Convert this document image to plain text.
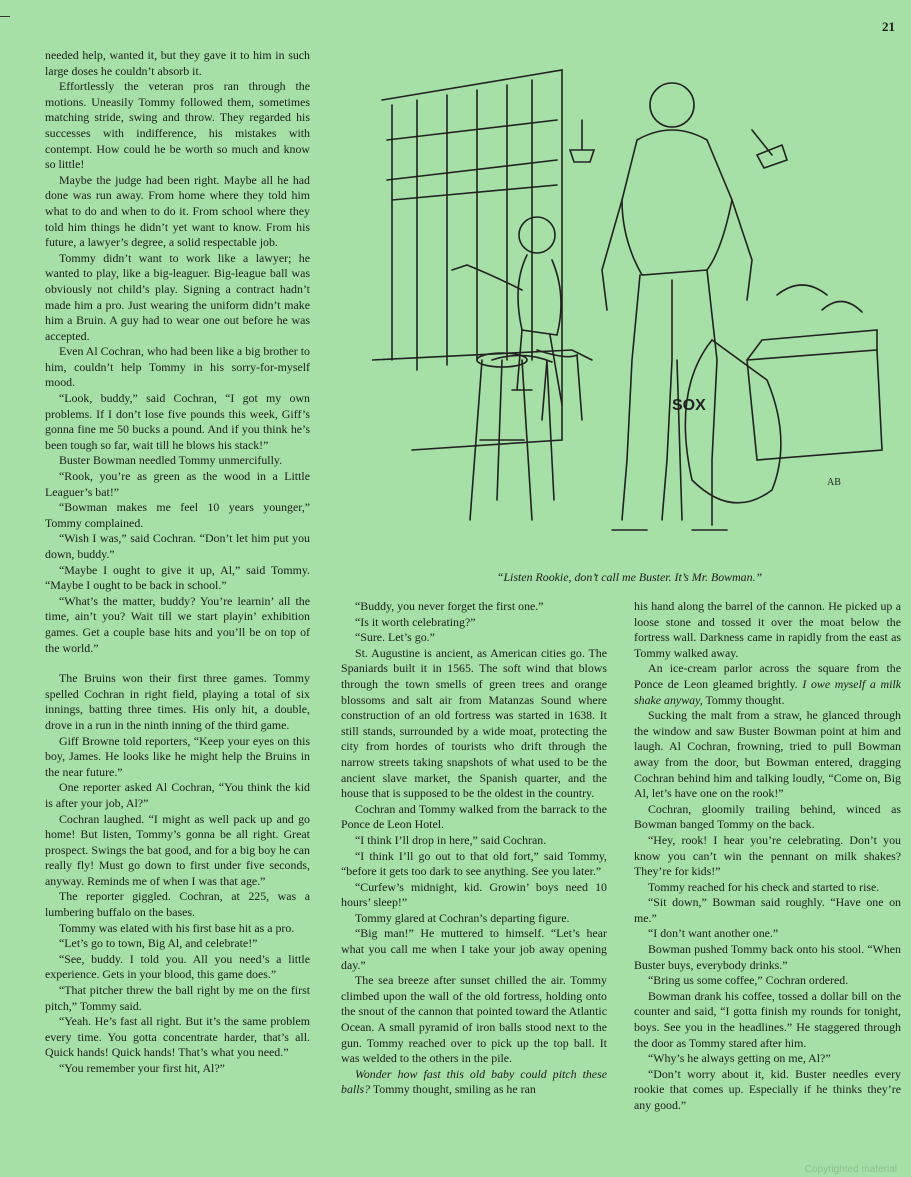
21

needed help, wanted it, but they gave it to him in such large doses he couldn’t absorb it.

Effortlessly the veteran pros ran through the motions. Uneasily Tommy followed them, sometimes matching stride, swing and throw. They regarded his successes with indifference, his mistakes with contempt. How could he be worth so much and know so little!

Maybe the judge had been right. Maybe all he had done was run away. From home where they told him what to do and when to do it. From school where they told him things he didn’t yet want to know. From his future, a lawyer’s degree, a solid respectable job.

Tommy didn’t want to work like a lawyer; he wanted to play, like a big-leaguer. Big-league ball was obviously not child’s play. Signing a contract hadn’t made him a pro. Just wearing the uniform didn’t make him a Bruin. A guy had to wear one out before he was accepted.

Even Al Cochran, who had been like a big brother to him, couldn’t help Tommy in his sorry-for-myself mood.

“Look, buddy,” said Cochran, “I got my own problems. If I don’t lose five pounds this week, Giff’s gonna fine me 50 bucks a pound. And if you think he’s been tough so far, wait till he blows his stack!”

Buster Bowman needled Tommy unmercifully.

“Rook, you’re as green as the wood in a Little Leaguer’s bat!”

“Bowman makes me feel 10 years younger,” Tommy complained.

“Wish I was,” said Cochran. “Don’t let him put you down, buddy.”

“Maybe I ought to give it up, Al,” said Tommy. “Maybe I ought to be back in school.”

“What’s the matter, buddy? You’re learnin’ all the time, ain’t you? Wait till we start playin’ exhibition games. Get a couple base hits and you’ll be on top of the world.”

The Bruins won their first three games. Tommy spelled Cochran in right field, playing a total of six innings, batting three times. His only hit, a double, drove in a run in the ninth inning of the third game.

Giff Browne told reporters, “Keep your eyes on this boy, James. He looks like he might help the Bruins in the near future.”

One reporter asked Al Cochran, “You think the kid is after your job, Al?”

Cochran laughed. “I might as well pack up and go home! But listen, Tommy’s gonna be all right. Great prospect. Swings the bat good, and for a big boy he can really fly! Must go down to first under five seconds, anyway. Reminds me of when I was that age.”

The reporter giggled. Cochran, at 225, was a lumbering buffalo on the bases.

Tommy was elated with his first base hit as a pro.

“Let’s go to town, Big Al, and celebrate!”

“See, buddy. I told you. All you need’s a little experience. Gets in your blood, this game does.”

“That pitcher threw the ball right by me on the first pitch,” Tommy said.

“Yeah. He’s fast all right. But it’s the same problem every time. You gotta concentrate harder, that’s all. Quick hands! Quick hands! That’s what you need.”

“You remember your first hit, Al?”

SOX
AB
“Listen Rookie, don’t call me Buster. It’s Mr. Bowman.”

“Buddy, you never forget the first one.”

“Is it worth celebrating?”

“Sure. Let’s go.”

St. Augustine is ancient, as American cities go. The Spaniards built it in 1565. The soft wind that blows through the town smells of green trees and orange blossoms and salt air from Matanzas Sound where construction of an old fortress was started in 1638. It still stands, surrounded by a wide moat, protecting the city from hordes of tourists who drift through the narrow streets taking snapshots of what used to be the ancient slave market, the Spanish quarter, and the house that is supposed to be the oldest in the country.

Cochran and Tommy walked from the barrack to the Ponce de Leon Hotel.

“I think I’ll drop in here,” said Cochran.

“I think I’ll go out to that old fort,” said Tommy, “before it gets too dark to see anything. See you later.”

“Curfew’s midnight, kid. Growin’ boys need 10 hours’ sleep!”

Tommy glared at Cochran’s departing figure.

“Big man!” He muttered to himself. “Let’s hear what you call me when I take your job away opening day.”

The sea breeze after sunset chilled the air. Tommy climbed upon the wall of the old fortress, holding onto the snout of the cannon that pointed toward the Atlantic Ocean. A small pyramid of iron balls stood next to the gun. Tommy reached over to pick up the top ball. It was welded to the others in the pile.

Wonder how fast this old baby could pitch these balls? Tommy thought, smiling as he ran

his hand along the barrel of the cannon. He picked up a loose stone and tossed it over the moat below the fortress wall. Darkness came in rapidly from the east as Tommy walked away.

An ice-cream parlor across the square from the Ponce de Leon gleamed brightly. I owe myself a milk shake anyway, Tommy thought.

Sucking the malt from a straw, he glanced through the window and saw Buster Bowman point at him and laugh. Al Cochran, frowning, tried to pull Bowman away from the door, but Bowman entered, dragging Cochran behind him and talking loudly, “Come on, Big Al, let’s have one on the rook!”

Cochran, gloomily trailing behind, winced as Bowman banged Tommy on the back.

“Hey, rook! I hear you’re celebrating. Don’t you know you can’t win the pennant on milk shakes? They’re for kids!”

Tommy reached for his check and started to rise.

“Sit down,” Bowman said roughly. “Have one on me.”

“I don’t want another one.”

Bowman pushed Tommy back onto his stool. “When Buster buys, everybody drinks.”

“Bring us some coffee,” Cochran ordered.

Bowman drank his coffee, tossed a dollar bill on the counter and said, “I gotta finish my rounds for tonight, boys. See you in the headlines.” He staggered through the door as Tommy stared after him.

“Why’s he always getting on me, Al?”

“Don’t worry about it, kid. Buster needles every rookie that comes up. Especially if he thinks they’re any good.”

Copyrighted material
